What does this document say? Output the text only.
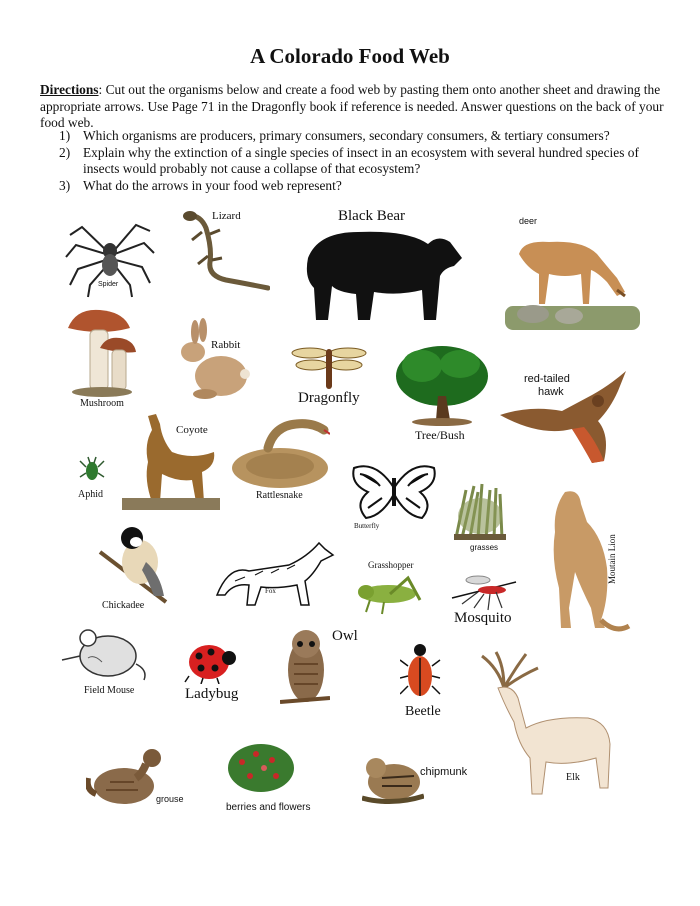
A Colorado Food Web
Directions: Cut out the organisms below and create a food web by pasting them onto another sheet and drawing the appropriate arrows. Use Page 71 in the Dragonfly book if reference is needed. Answer questions on the back of your food web.
1) Which organisms are producers, primary consumers, secondary consumers, & tertiary consumers?
2) Explain why the extinction of a single species of insect in an ecosystem with several hundred species of insects would probably not cause a collapse of that ecosystem?
3) What do the arrows in your food web represent?
Spider
Lizard	Black Bear	deer
Mushroom
Rabbit
Dragonfly
Tree/Bush
red-tailed
hawk
Coyote
Aphid	Rattlesnake
Butterfly
grasses	Moutain Lion
Chickadee
Fox
Grasshopper
Mosquito
Field Mouse	Ladybug
Owl
Beetle
Elk
grouse
berries and flowers
chipmunk
